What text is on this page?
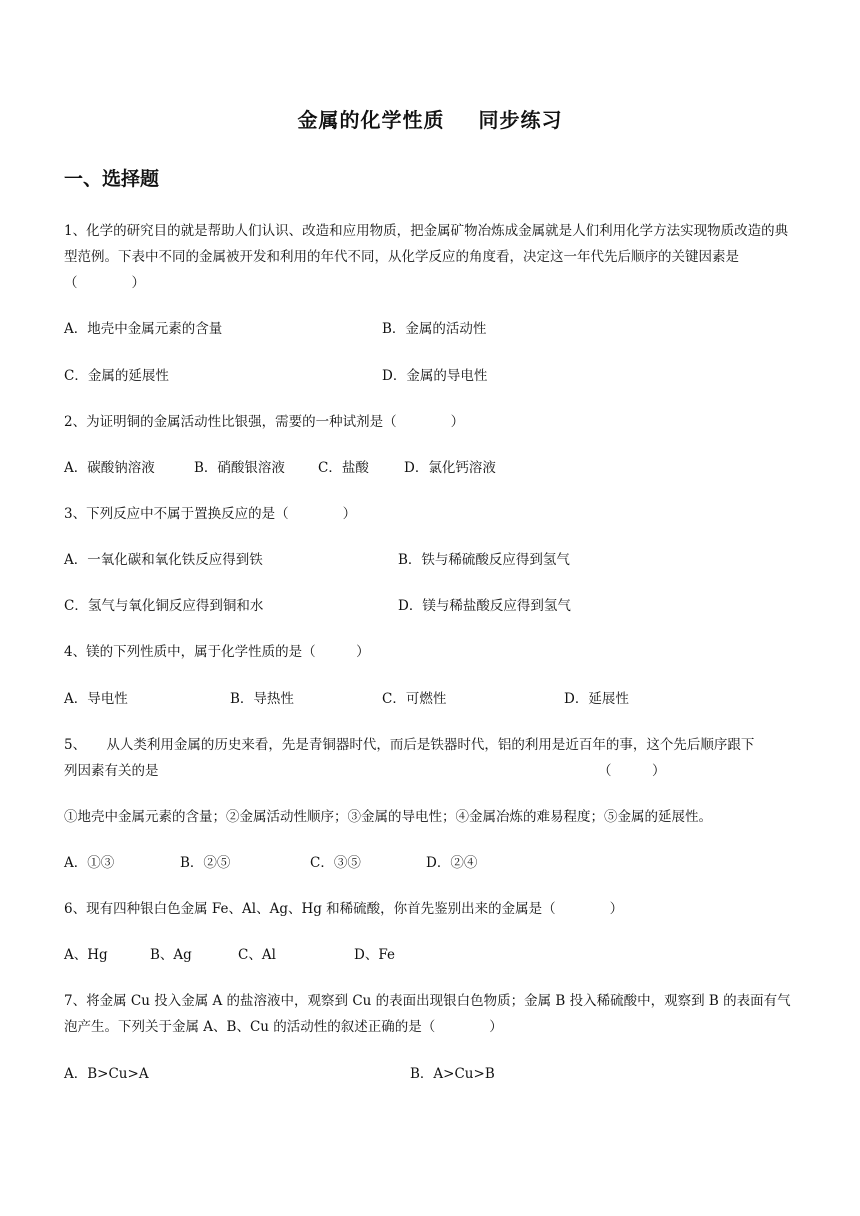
金属的化学性质 同步练习
一、选择题
1、化学的研究目的就是帮助人们认识、改造和应用物质，把金属矿物冶炼成金属就是人们利用化学方法实现物质改造的典型范例。下表中不同的金属被开发和利用的年代不同，从化学反应的角度看，决定这一年代先后顺序的关键因素是（　　　　）
A．地壳中金属元素的含量	B．金属的活动性
C．金属的延展性	D．金属的导电性
2、为证明铜的金属活动性比银强，需要的一种试剂是（　　　　）
A．碳酸钠溶液	B．硝酸银溶液 C．盐酸	D．氯化钙溶液
3、下列反应中不属于置换反应的是（　　　　）
A．一氧化碳和氧化铁反应得到铁	B．铁与稀硫酸反应得到氢气
C．氢气与氧化铜反应得到铜和水	D．镁与稀盐酸反应得到氢气
4、镁的下列性质中，属于化学性质的是（　　　）
A．导电性	B．导热性	C．可燃性	D．延展性
5、　　从人类利用金属的历史来看，先是青铜器时代，而后是铁器时代，铝的利用是近百年的事，这个先后顺序跟下
列因素有关的是	（　　　）
①地壳中金属元素的含量；②金属活动性顺序；③金属的导电性；④金属冶炼的难易程度；⑤金属的延展性。
A．①③	B．②⑤	C．③⑤	D．②④
6、现有四种银白色金属 Fe、Al、Ag、Hg 和稀硫酸，你首先鉴别出来的金属是（　　　　）
A、Hg	B、Ag	C、Al	D、Fe
7、将金属 Cu 投入金属 A 的盐溶液中，观察到 Cu 的表面出现银白色物质；金属 B 投入稀硫酸中，观察到 B 的表面有气泡产生。下列关于金属 A、B、Cu 的活动性的叙述正确的是（　　　　）
A．B>Cu>A	B．A>Cu>B
